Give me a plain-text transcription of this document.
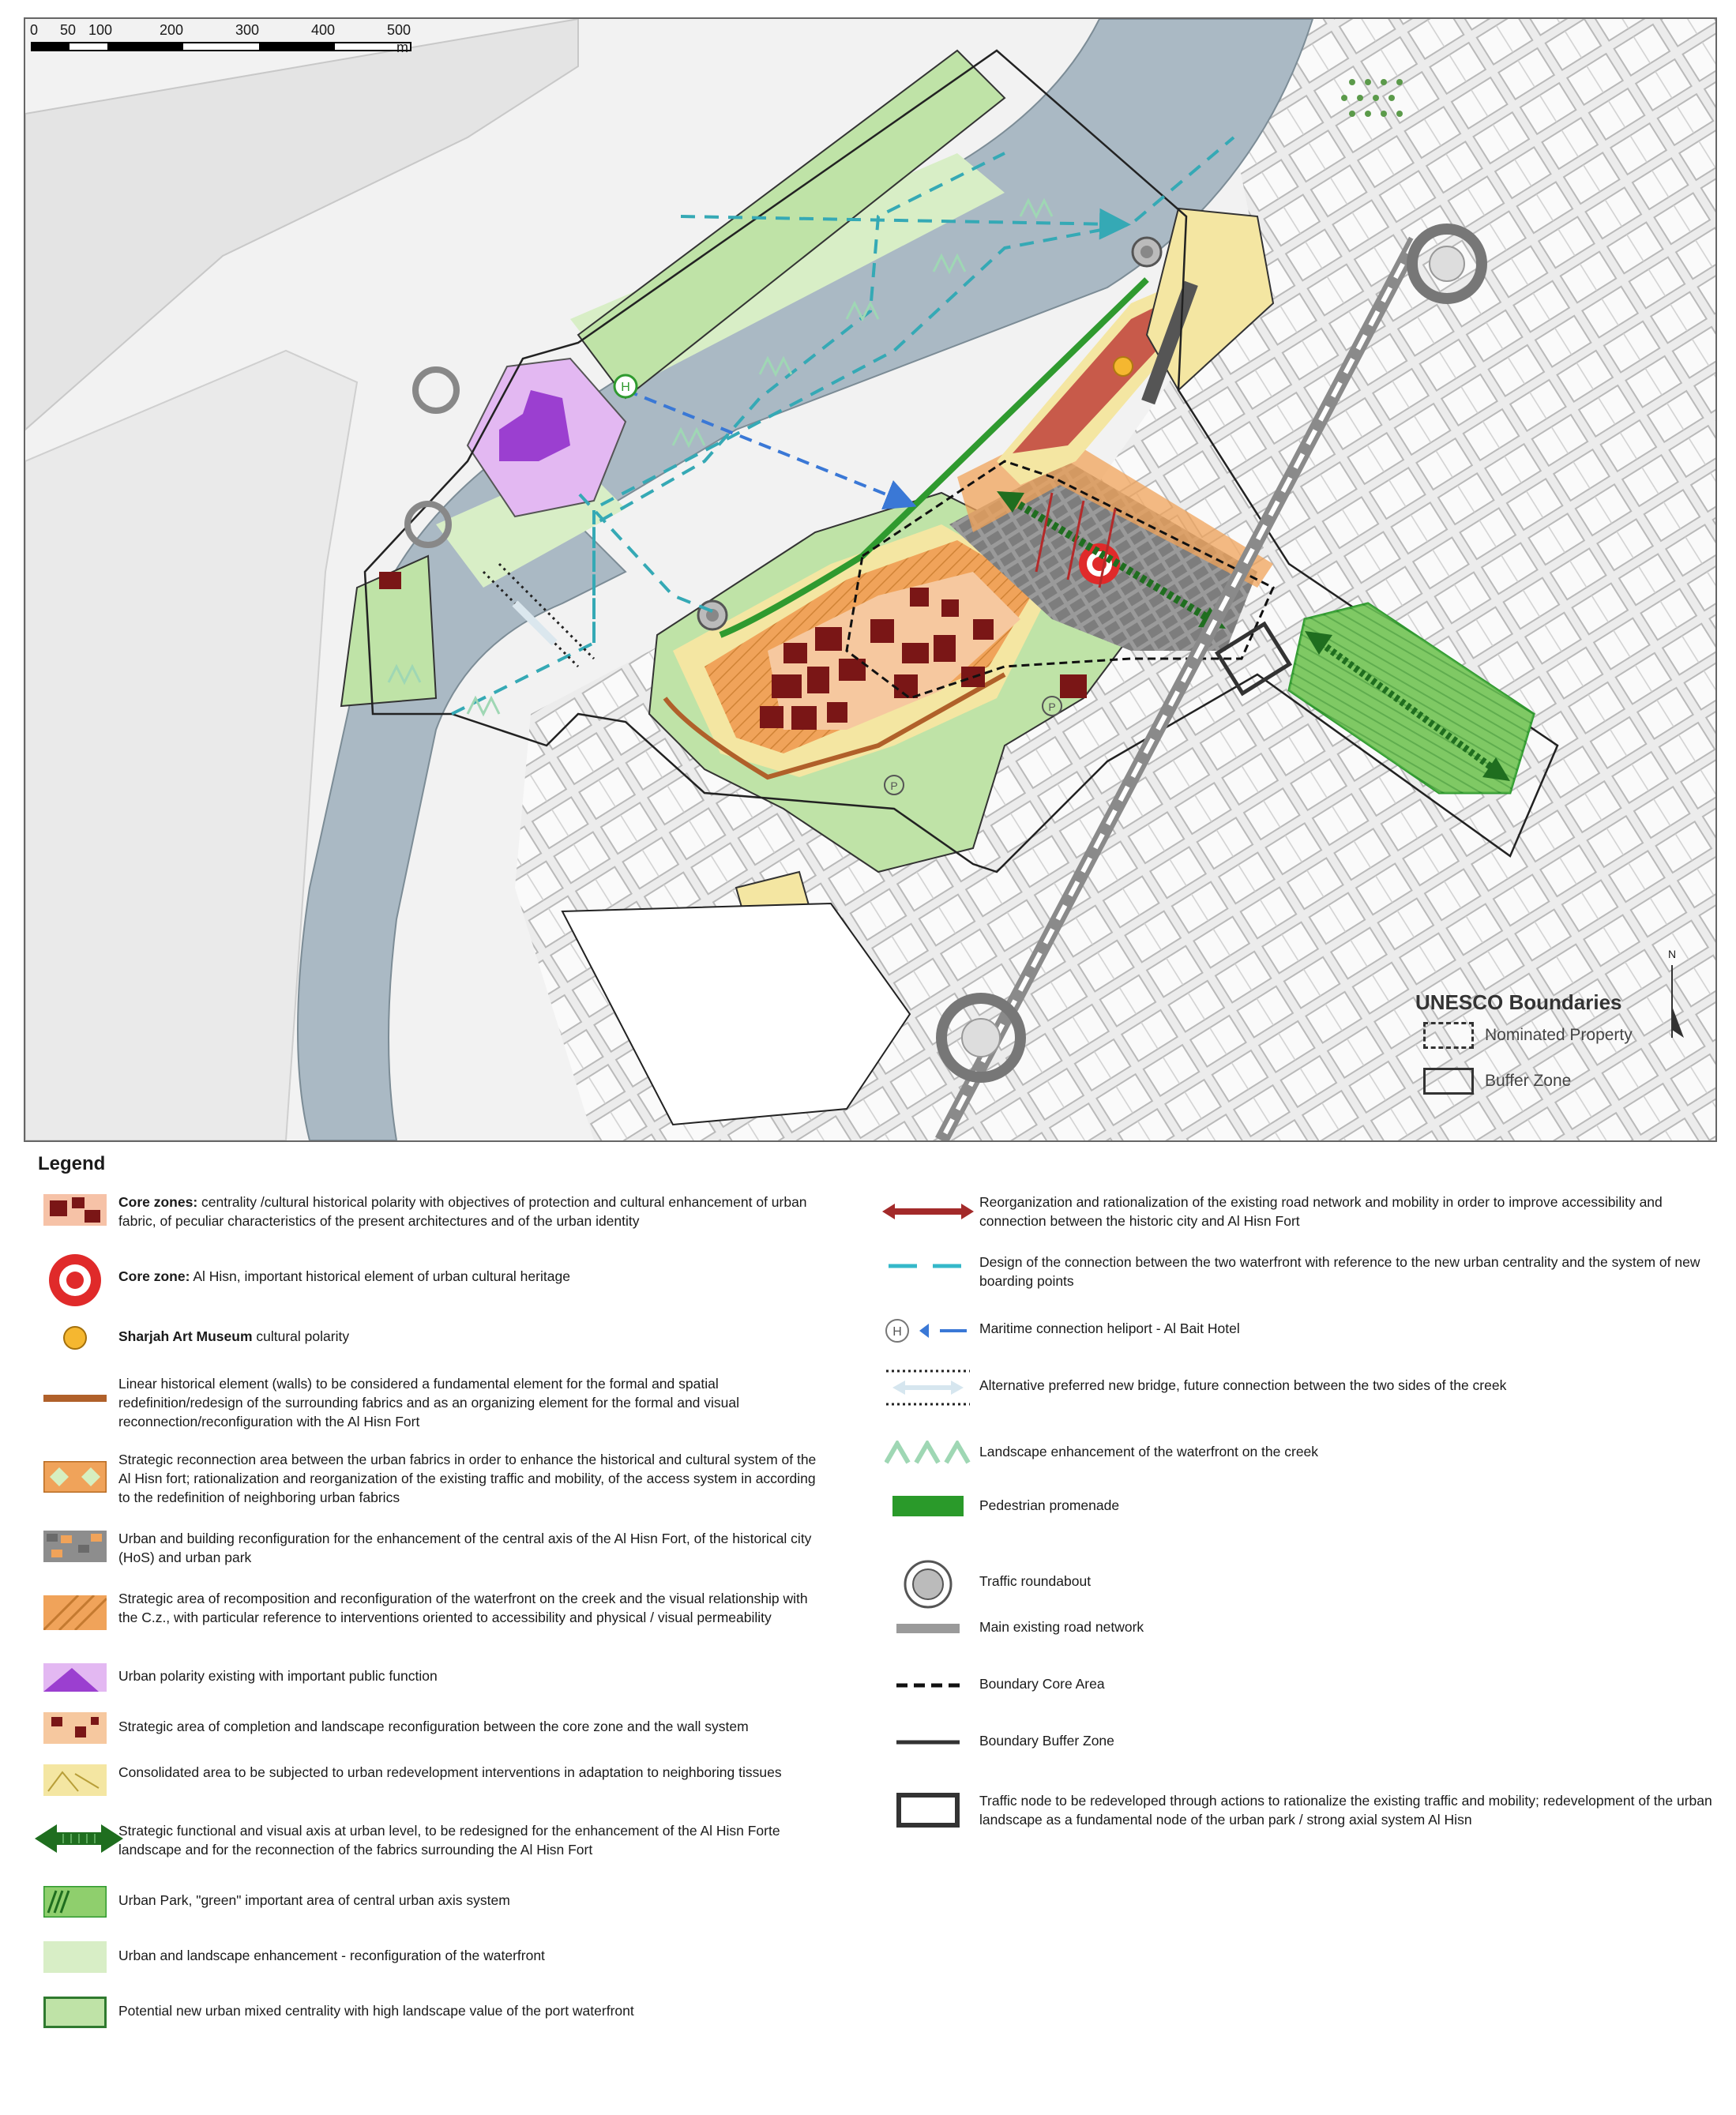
H
P
P
0 50 100	200	300	400	500
m
UNESCO Boundaries
Nominated Property
Buffer Zone
N
Legend
Core zones: centrality /cultural historical polarity with objectives of protection and cultural enhancement of urban fabric, of peculiar characteristics of the present architectures and of the urban identity
Core zone: Al Hisn, important historical element of urban cultural heritage
Sharjah Art Museum cultural polarity
Linear historical element (walls) to be considered a fundamental element for the formal and spatial redefinition/redesign of the surrounding fabrics and as an organizing element for the formal and visual reconnection/reconfiguration with the Al Hisn Fort
Strategic reconnection area between the urban fabrics in order to enhance the historical and cultural system of the Al Hisn fort; rationalization and reorganization of the existing traffic and mobility, of the access system in according to the redefinition of neighboring urban fabrics
Urban and building reconfiguration for the enhancement of the central axis of the Al Hisn Fort, of the historical city (HoS) and urban park
Strategic area of recomposition and reconfiguration of the waterfront on the creek and the visual relationship with the C.z., with particular reference to interventions oriented to accessibility and physical / visual permeability
Urban polarity existing with important public function
Strategic area of completion and landscape reconfiguration between the core zone and the wall system
Consolidated area to be subjected to urban redevelopment interventions in adaptation to neighboring tissues
Strategic functional and visual axis at urban level, to be redesigned for the enhancement of the Al Hisn Forte landscape and for the reconnection of the fabrics surrounding the Al Hisn Fort
Urban Park, "green" important area of central urban axis system
Urban and landscape enhancement - reconfiguration of the waterfront
Potential new urban mixed centrality with high landscape value of the port waterfront
Reorganization and rationalization of the existing road network and mobility in order to improve accessibility and connection between the historic city and Al Hisn Fort
Design of the connection between the two waterfront with reference to the new urban centrality and the system of new boarding points
H	Maritime connection heliport - Al Bait Hotel
Alternative preferred new bridge, future connection between the two sides of the creek
Landscape enhancement of the waterfront on the creek
Pedestrian promenade
Traffic roundabout
Main existing road network
Boundary Core Area
Boundary Buffer Zone
Traffic node to be redeveloped through actions to rationalize the existing traffic and mobility; redevelopment of the urban landscape as a fundamental node of the urban park / strong axial system Al Hisn
